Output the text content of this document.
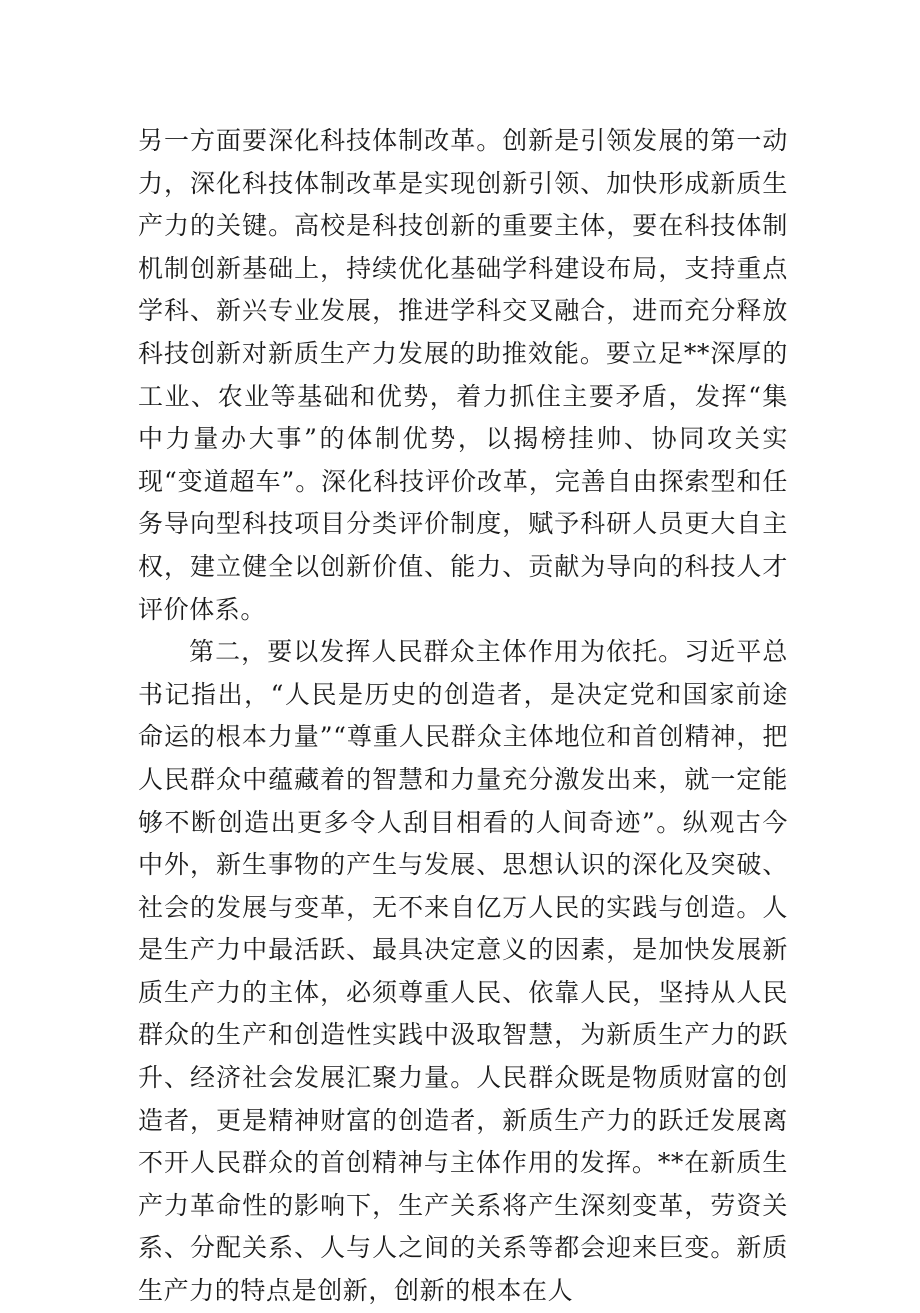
另一方面要深化科技体制改革。创新是引领发展的第一动力，深化科技体制改革是实现创新引领、加快形成新质生产力的关键。高校是科技创新的重要主体，要在科技体制机制创新基础上，持续优化基础学科建设布局，支持重点学科、新兴专业发展，推进学科交叉融合，进而充分释放科技创新对新质生产力发展的助推效能。要立足**深厚的工业、农业等基础和优势，着力抓住主要矛盾，发挥“集中力量办大事”的体制优势，以揭榜挂帅、协同攻关实现“变道超车”。深化科技评价改革，完善自由探索型和任务导向型科技项目分类评价制度，赋予科研人员更大自主权，建立健全以创新价值、能力、贡献为导向的科技人才评价体系。

第二，要以发挥人民群众主体作用为依托。习近平总书记指出，“人民是历史的创造者，是决定党和国家前途命运的根本力量”“尊重人民群众主体地位和首创精神，把人民群众中蕴藏着的智慧和力量充分激发出来，就一定能够不断创造出更多令人刮目相看的人间奇迹”。纵观古今中外，新生事物的产生与发展、思想认识的深化及突破、社会的发展与变革，无不来自亿万人民的实践与创造。人是生产力中最活跃、最具决定意义的因素，是加快发展新质生产力的主体，必须尊重人民、依靠人民，坚持从人民群众的生产和创造性实践中汲取智慧，为新质生产力的跃升、经济社会发展汇聚力量。人民群众既是物质财富的创造者，更是精神财富的创造者，新质生产力的跃迁发展离不开人民群众的首创精神与主体作用的发挥。**在新质生产力革命性的影响下，生产关系将产生深刻变革，劳资关系、分配关系、人与人之间的关系等都会迎来巨变。新质生产力的特点是创新，创新的根本在人
